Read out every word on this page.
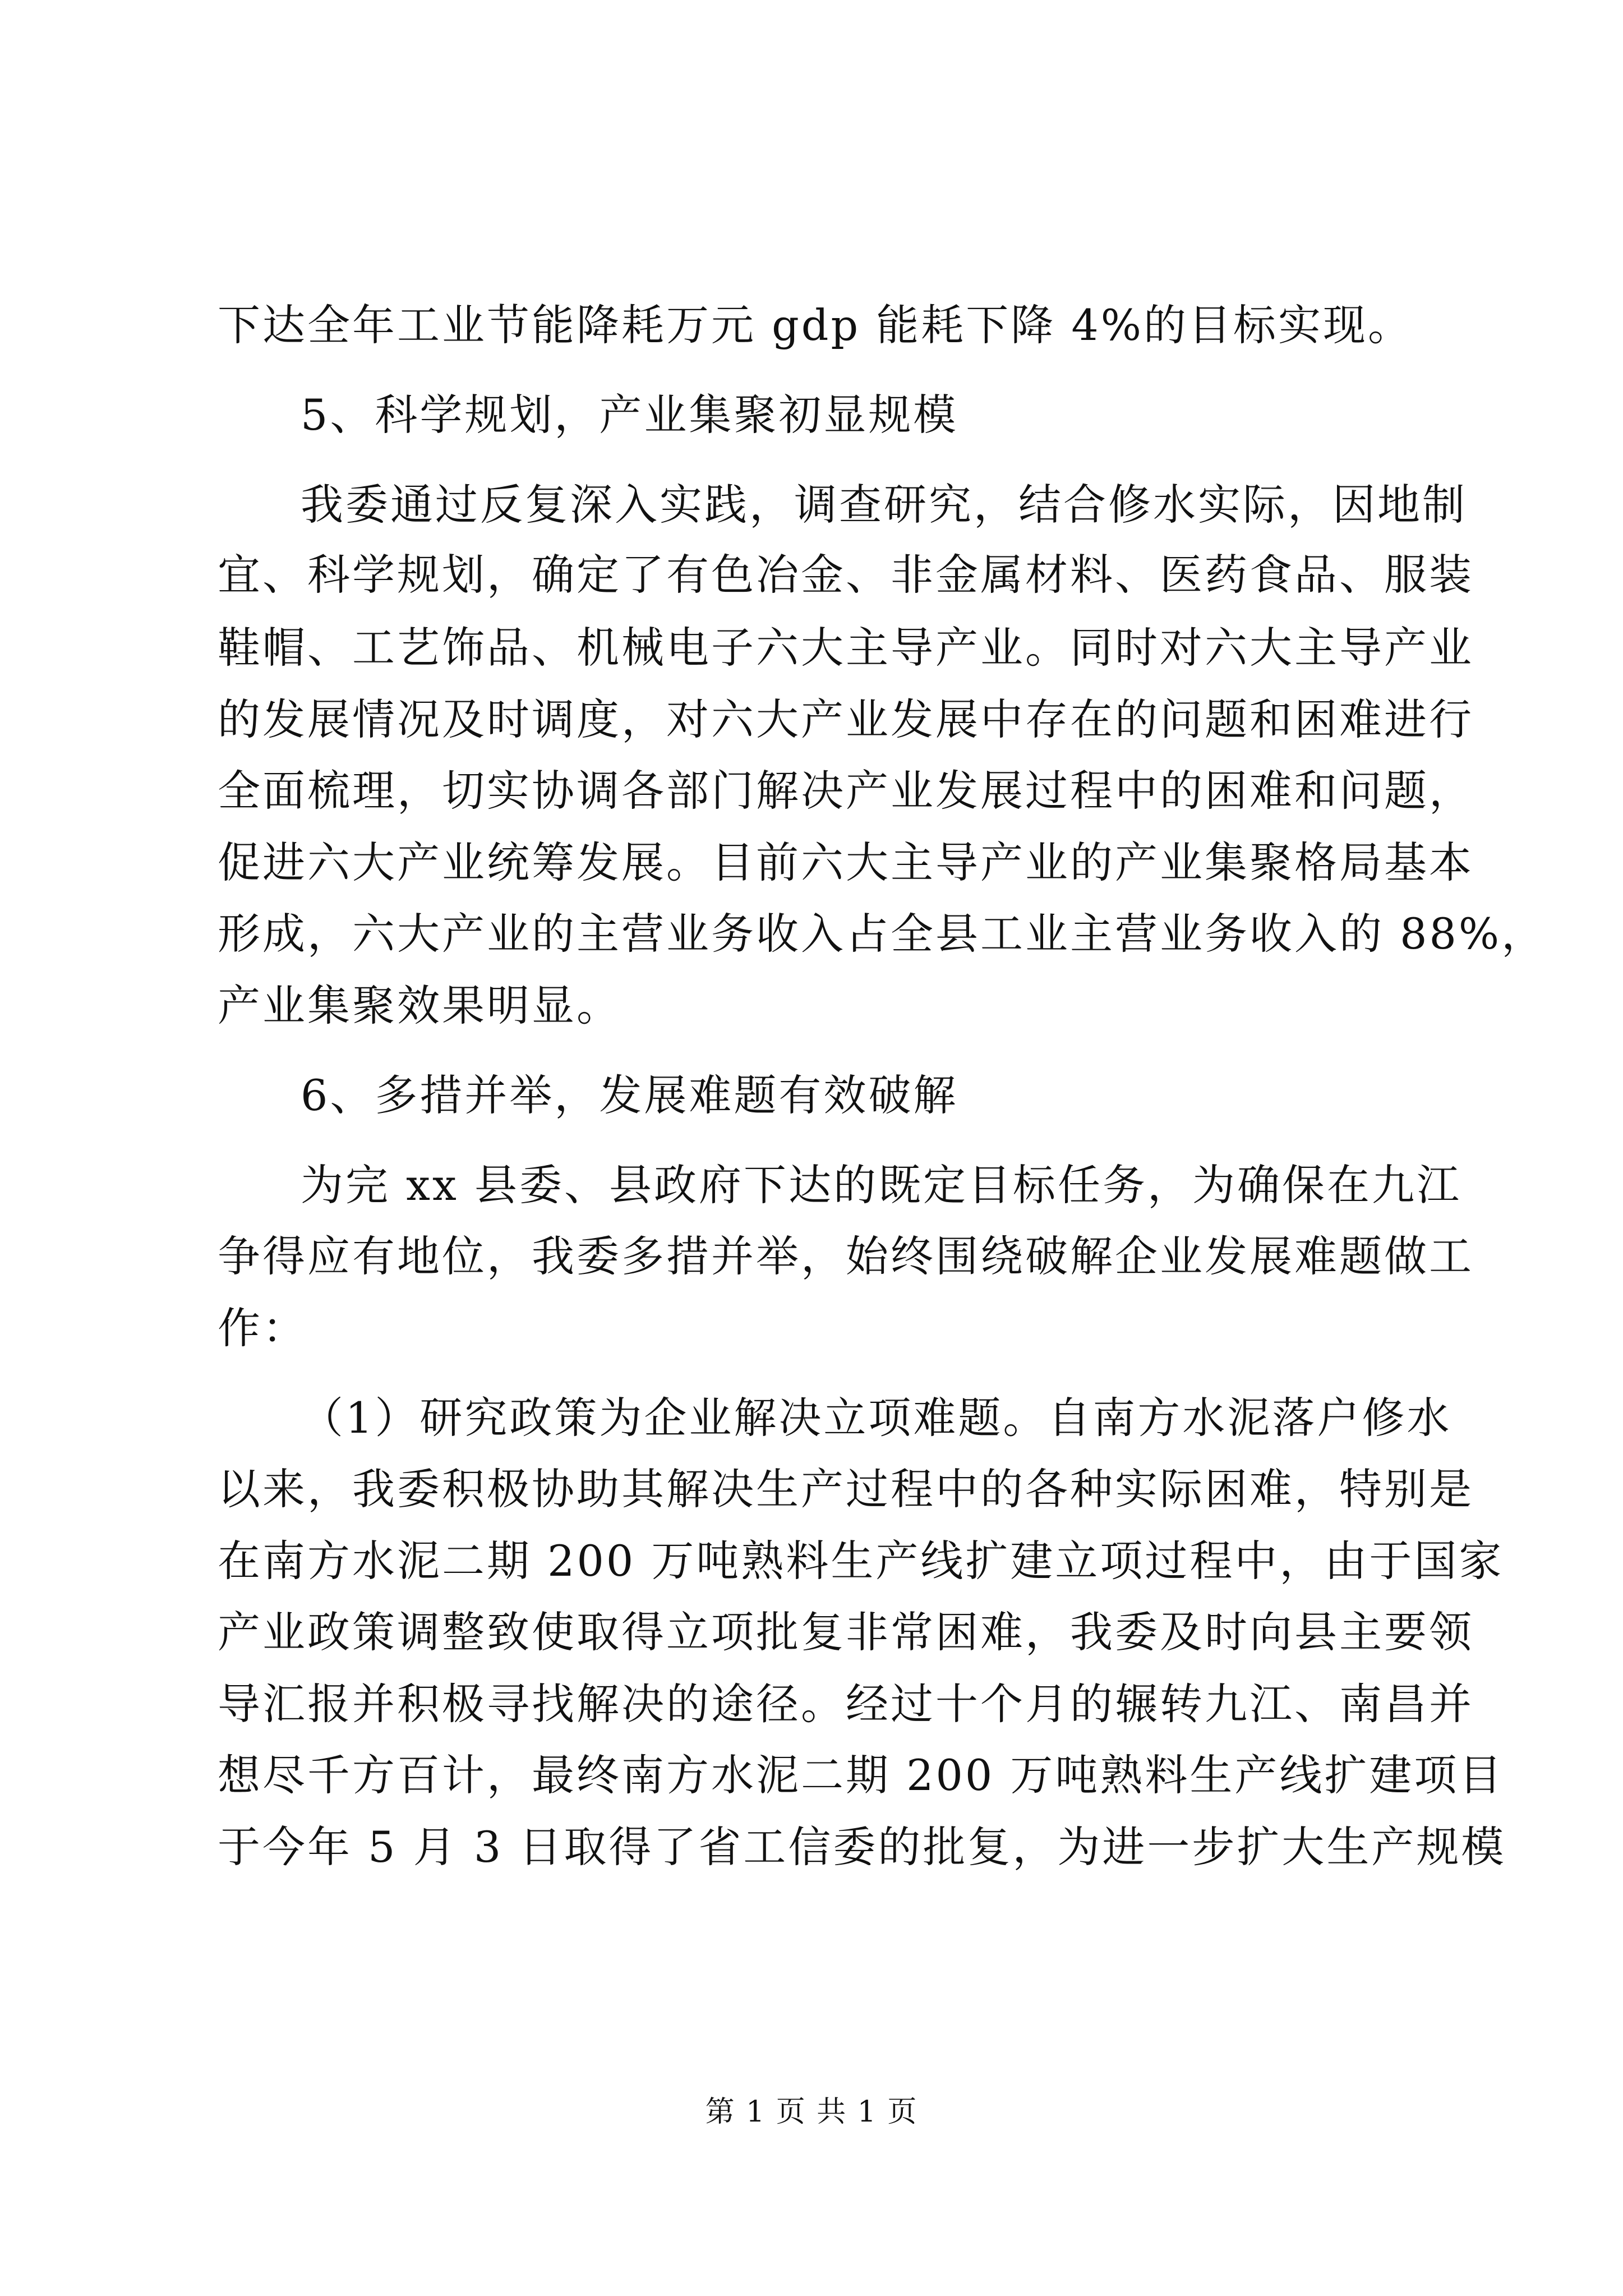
下达全年工业节能降耗万元 gdp 能耗下降 4%的目标实现。
5、科学规划，产业集聚初显规模
我委通过反复深入实践，调查研究，结合修水实际，因地制
宜、科学规划，确定了有色冶金、非金属材料、医药食品、服装
鞋帽、工艺饰品、机械电子六大主导产业。同时对六大主导产业
的发展情况及时调度，对六大产业发展中存在的问题和困难进行
全面梳理，切实协调各部门解决产业发展过程中的困难和问题，
促进六大产业统筹发展。目前六大主导产业的产业集聚格局基本
形成，六大产业的主营业务收入占全县工业主营业务收入的 88%，
产业集聚效果明显。
6、多措并举，发展难题有效破解
为完 xx 县委、县政府下达的既定目标任务，为确保在九江
争得应有地位，我委多措并举，始终围绕破解企业发展难题做工
作：
（1）研究政策为企业解决立项难题。自南方水泥落户修水
以来，我委积极协助其解决生产过程中的各种实际困难，特别是
在南方水泥二期 200 万吨熟料生产线扩建立项过程中，由于国家
产业政策调整致使取得立项批复非常困难，我委及时向县主要领
导汇报并积极寻找解决的途径。经过十个月的辗转九江、南昌并
想尽千方百计，最终南方水泥二期 200 万吨熟料生产线扩建项目
于今年 5 月 3 日取得了省工信委的批复，为进一步扩大生产规模
第 1 页 共 1 页
